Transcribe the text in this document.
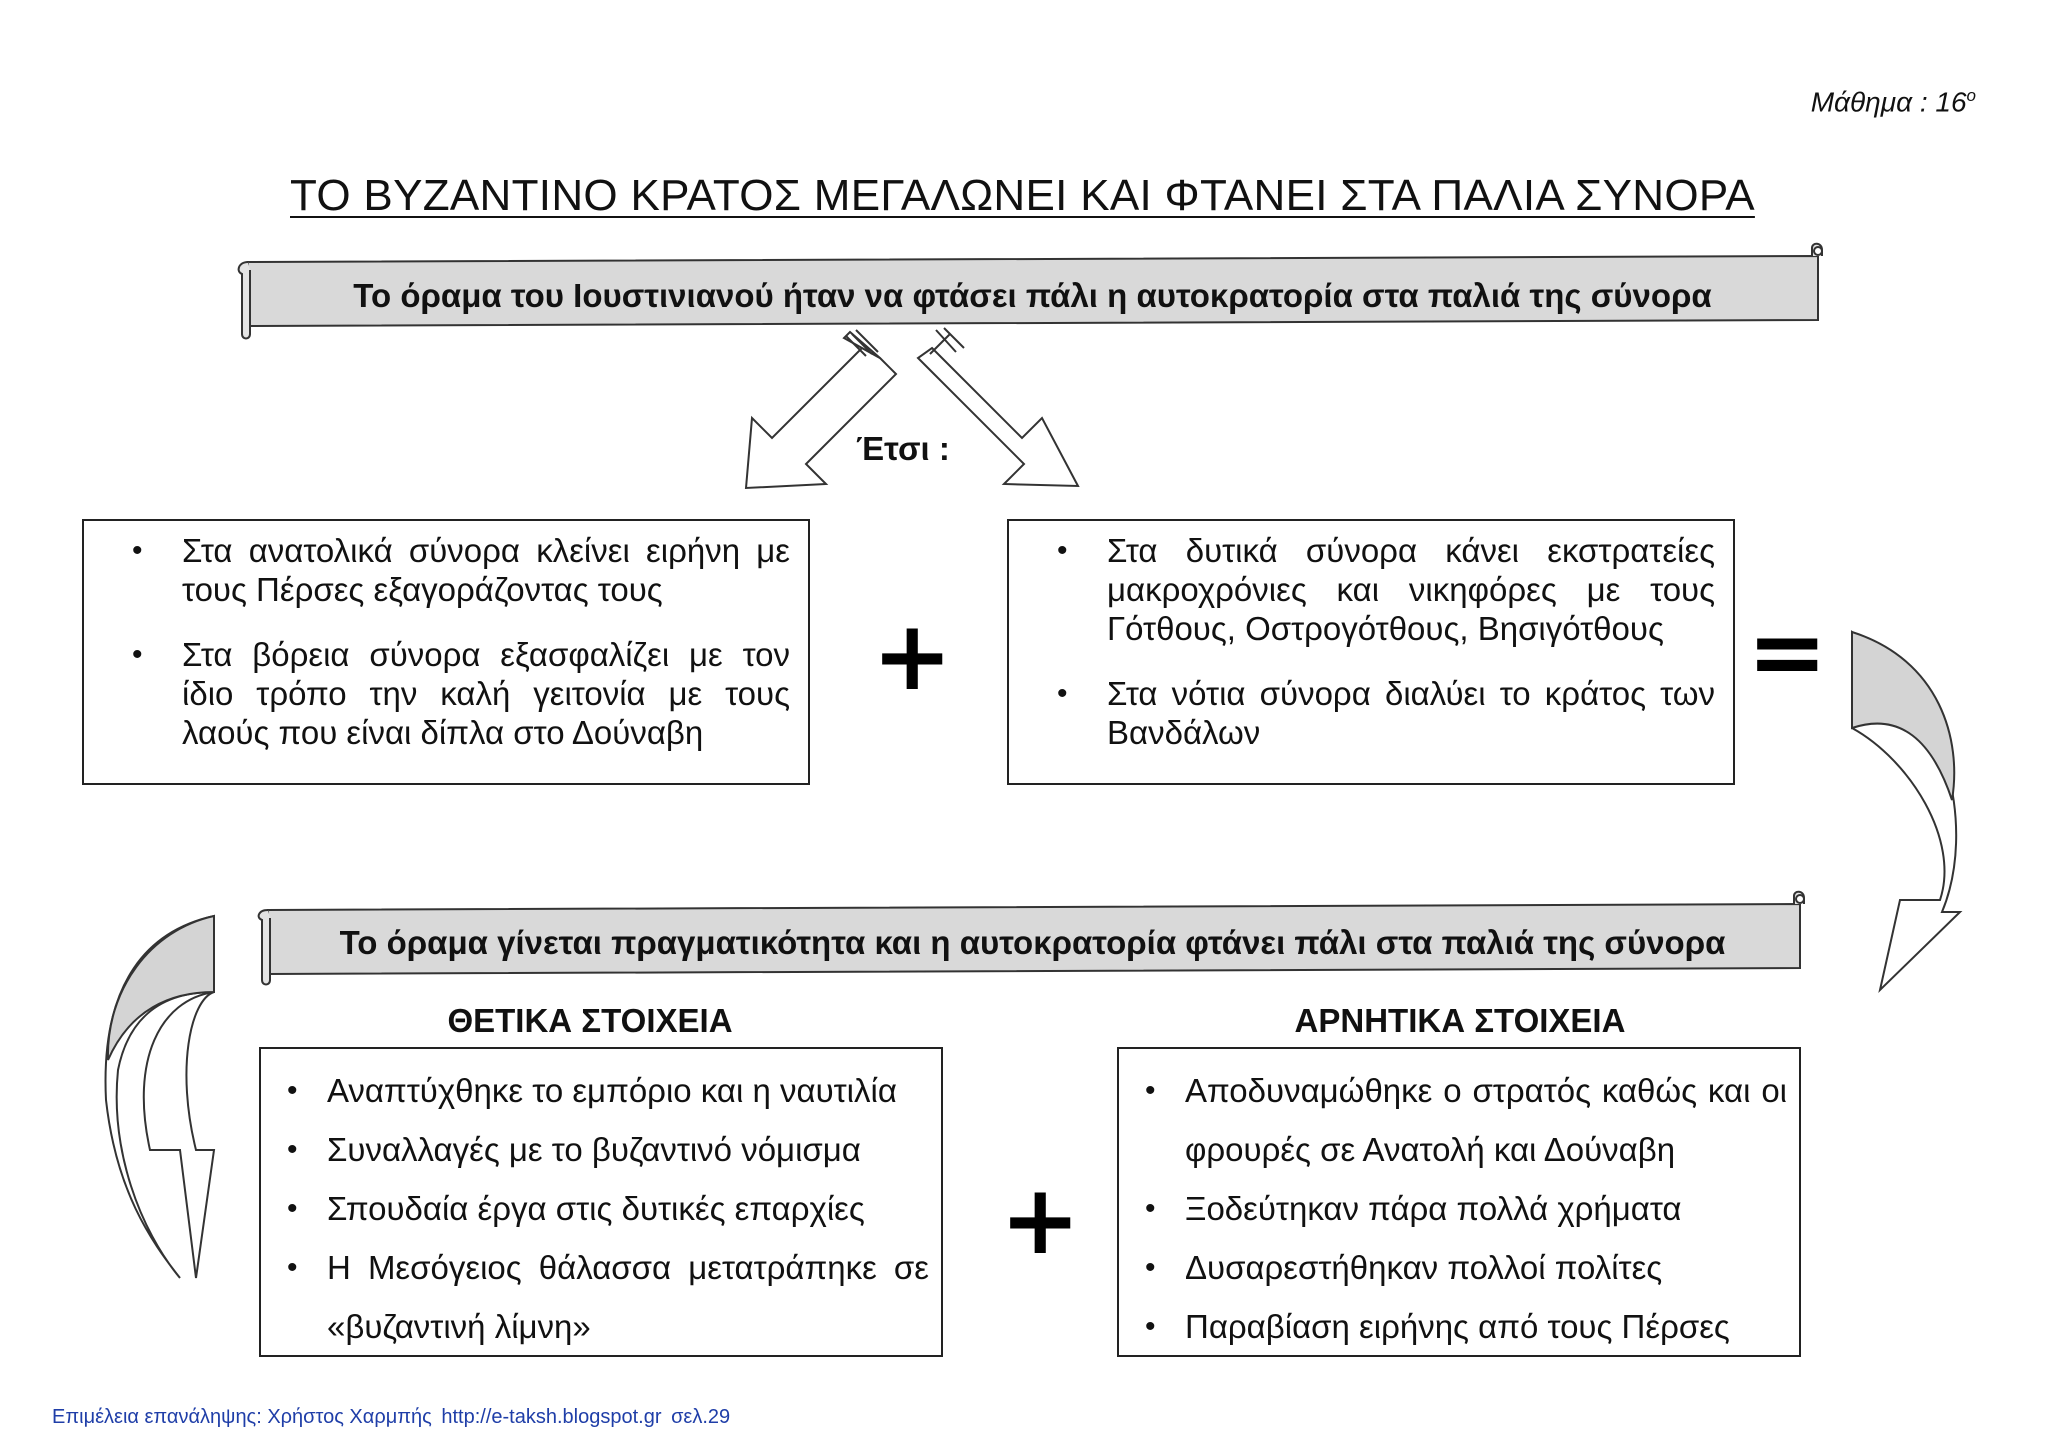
Μάθημα : $16^o$
ΤΟ ΒΥΖΑΝΤΙΝΟ ΚΡΑΤΟΣ ΜΕΓΑΛΩΝΕΙ ΚΑΙ ΦΤΑΝΕΙ ΣΤΑ ΠΑΛΙΑ ΣΥΝΟΡΑ
Το όραμα του Ιουστινιανού ήταν να φτάσει πάλι η αυτοκρατορία στα παλιά της σύνορα
Έτσι :
• Στα ανατολικά σύνορα κλείνει ειρήνη με τους Πέρσες εξαγοράζοντας τους
• Στα βόρεια σύνορα εξασφαλίζει με τον ίδιο τρόπο την καλή γειτονία με τους λαούς που είναι δίπλα στο Δούναβη
+
• Στα δυτικά σύνορα κάνει εκστρατείες μακροχρόνιες και νικηφόρες με τους Γότθους, Οστρογότθους, Βησιγότθους
• Στα νότια σύνορα διαλύει το κράτος των Βανδάλων
=
Το όραμα γίνεται πραγματικότητα και η αυτοκρατορία φτάνει πάλι στα παλιά της σύνορα
ΘΕΤΙΚΑ ΣΤΟΙΧΕΙΑ	ΑΡΝΗΤΙΚΑ ΣΤΟΙΧΕΙΑ
• Αναπτύχθηκε το εμπόριο και η ναυτιλία
• Συναλλαγές με το βυζαντινό νόμισμα
• Σπουδαία έργα στις δυτικές επαρχίες
• Η Μεσόγειος θάλασσα μετατράπηκε σε «βυζαντινή λίμνη»
+
• Αποδυναμώθηκε ο στρατός καθώς και οι φρουρές σε Ανατολή και Δούναβη
• Ξοδεύτηκαν πάρα πολλά χρήματα
• Δυσαρεστήθηκαν πολλοί πολίτες
• Παραβίαση ειρήνης από τους Πέρσες
Επιμέλεια επανάληψης: Χρήστος Χαρμπής http://e-taksh.blogspot.gr σελ.29
